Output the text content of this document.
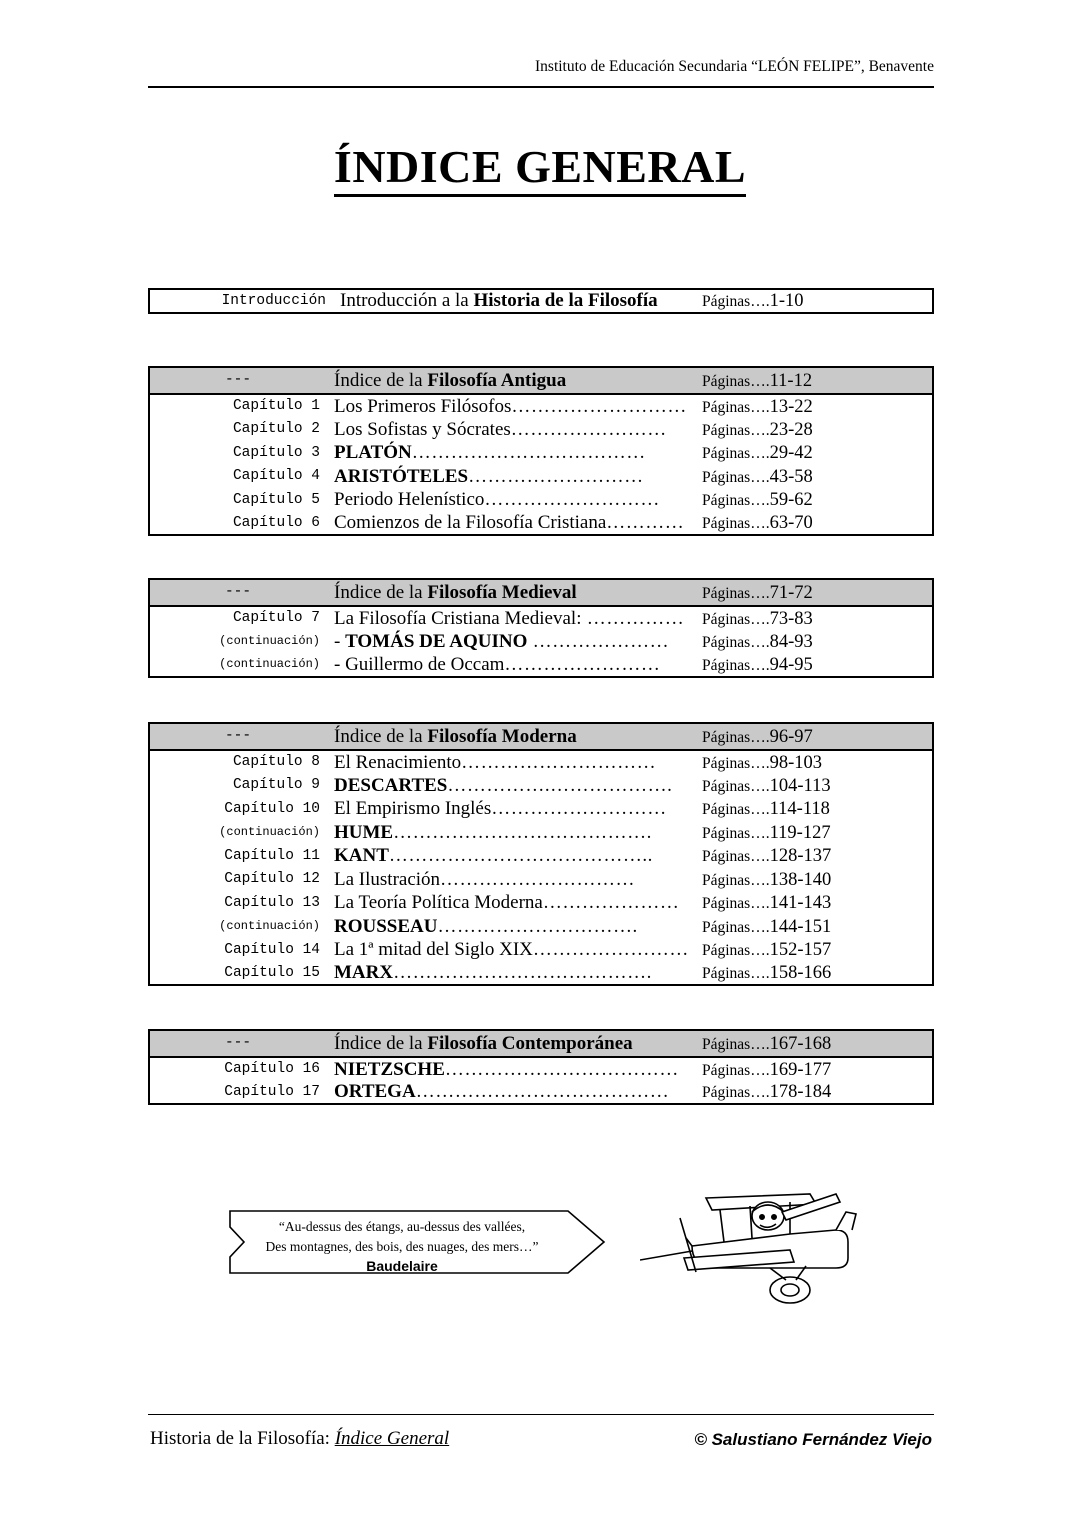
Instituto de Educación Secundaria “LEÓN FELIPE”, Benavente
ÍNDICE GENERAL
Introducción	Introducción a la Historia de la Filosofía	Páginas….1-10
---	Índice de la Filosofía Antigua	Páginas….11-12
Capítulo 1	Los Primeros Filósofos………………………	Páginas….13-22
Capítulo 2	Los Sofistas y Sócrates……………………	Páginas….23-28
Capítulo 3	PLATÓN………………………………	Páginas….29-42
Capítulo 4	ARISTÓTELES………………………	Páginas….43-58
Capítulo 5	Periodo Helenístico………………………	Páginas….59-62
Capítulo 6	Comienzos de la Filosofía Cristiana…………	Páginas….63-70
---	Índice de la Filosofía Medieval	Páginas….71-72
Capítulo 7	La Filosofía Cristiana Medieval: ……………	Páginas….73-83
(continuación)	- TOMÁS DE AQUINO …………………	Páginas….84-93
(continuación)	- Guillermo de Occam……………………	Páginas….94-95
---	Índice de la Filosofía Moderna	Páginas….96-97
Capítulo 8	El Renacimiento…………………………	Páginas….98-103
Capítulo 9	DESCARTES…………….……………….	Páginas….104-113
Capítulo 10	El Empirismo Inglés………………………	Páginas….114-118
(continuación)	HUME………………………………….	Páginas….119-127
Capítulo 11	KANT…………………………………..	Páginas….128-137
Capítulo 12	La Ilustración…………………………	Páginas….138-140
Capítulo 13	La Teoría Política Moderna…………………	Páginas….141-143
(continuación)	ROUSSEAU………………………….	Páginas….144-151
Capítulo 14	La 1ª mitad del Siglo XIX……………………	Páginas….152-157
Capítulo 15	MARX………………………………….	Páginas….158-166
---	Índice de la Filosofía Contemporánea	Páginas….167-168
Capítulo 16	NIETZSCHE………………………………	Páginas….169-177
Capítulo 17	ORTEGA…………………………………	Páginas….178-184
“Au-dessus des étangs, au-dessus des vallées,
Des montagnes, des bois, des nuages, des mers…”
Baudelaire
Historia de la Filosofía: Índice General	© Salustiano Fernández Viejo
